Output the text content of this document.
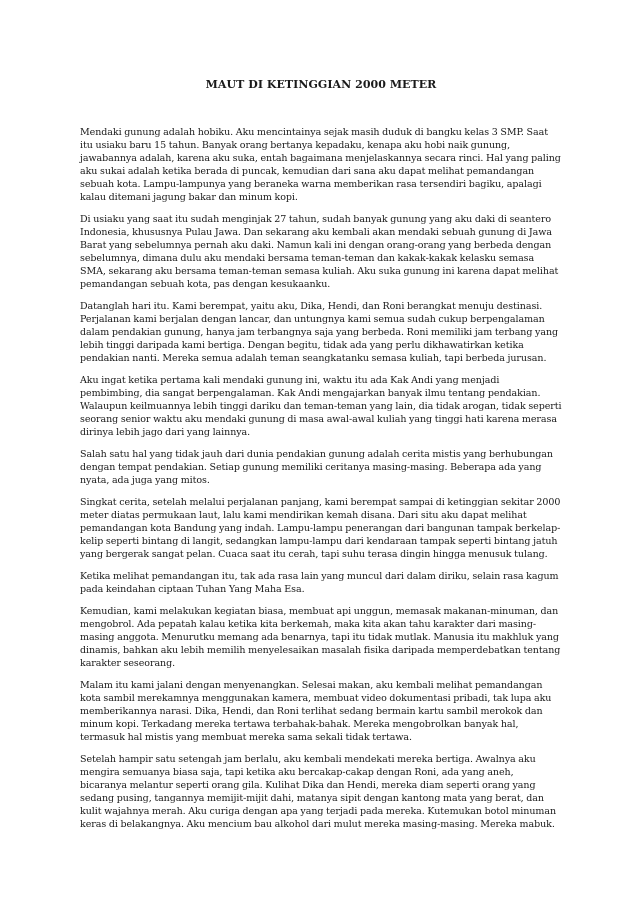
MAUT DI KETINGGIAN 2000 METER

Mendaki gunung adalah hobiku. Aku mencintainya sejak masih duduk di bangku kelas 3 SMP. Saat itu usiaku baru 15 tahun. Banyak orang bertanya kepadaku, kenapa aku hobi naik gunung, jawabannya adalah, karena aku suka, entah bagaimana menjelaskannya secara rinci. Hal yang paling aku sukai adalah ketika berada di puncak, kemudian dari sana aku dapat melihat pemandangan sebuah kota. Lampu-lampunya yang beraneka warna memberikan rasa tersendiri bagiku, apalagi kalau ditemani jagung bakar dan minum kopi.

Di usiaku yang saat itu sudah menginjak 27 tahun, sudah banyak gunung yang aku daki di seantero Indonesia, khususnya Pulau Jawa. Dan sekarang aku kembali akan mendaki sebuah gunung di Jawa Barat yang sebelumnya pernah aku daki. Namun kali ini dengan orang-orang yang berbeda dengan sebelumnya, dimana dulu aku mendaki bersama teman-teman dan kakak-kakak kelasku semasa SMA, sekarang aku bersama teman-teman semasa kuliah. Aku suka gunung ini karena dapat melihat pemandangan sebuah kota, pas dengan kesukaanku.

Datanglah hari itu. Kami berempat, yaitu aku, Dika, Hendi, dan Roni berangkat menuju destinasi. Perjalanan kami berjalan dengan lancar, dan untungnya kami semua sudah cukup berpengalaman dalam pendakian gunung, hanya jam terbangnya saja yang berbeda. Roni memiliki jam terbang yang lebih tinggi daripada kami bertiga. Dengan begitu, tidak ada yang perlu dikhawatirkan ketika pendakian nanti. Mereka semua adalah teman seangkatanku semasa kuliah, tapi berbeda jurusan.

Aku ingat ketika pertama kali mendaki gunung ini, waktu itu ada Kak Andi yang menjadi pembimbing, dia sangat berpengalaman. Kak Andi mengajarkan banyak ilmu tentang pendakian. Walaupun keilmuannya lebih tinggi dariku dan teman-teman yang lain, dia tidak arogan, tidak seperti seorang senior waktu aku mendaki gunung di masa awal-awal kuliah yang tinggi hati karena merasa dirinya lebih jago dari yang lainnya.

Salah satu hal yang tidak jauh dari dunia pendakian gunung adalah cerita mistis yang berhubungan dengan tempat pendakian. Setiap gunung memiliki ceritanya masing-masing. Beberapa ada yang nyata, ada juga yang mitos.

Singkat cerita, setelah melalui perjalanan panjang, kami berempat sampai di ketinggian sekitar 2000 meter diatas permukaan laut, lalu kami mendirikan kemah disana. Dari situ aku dapat melihat pemandangan kota Bandung yang indah. Lampu-lampu penerangan dari bangunan tampak berkelap-kelip seperti bintang di langit, sedangkan lampu-lampu dari kendaraan tampak seperti bintang jatuh yang bergerak sangat pelan. Cuaca saat itu cerah, tapi suhu terasa dingin hingga menusuk tulang.

Ketika melihat pemandangan itu, tak ada rasa lain yang muncul dari dalam diriku, selain rasa kagum pada keindahan ciptaan Tuhan Yang Maha Esa.

Kemudian, kami melakukan kegiatan biasa, membuat api unggun, memasak makanan-minuman, dan mengobrol. Ada pepatah kalau ketika kita berkemah, maka kita akan tahu karakter dari masing-masing anggota. Menurutku memang ada benarnya, tapi itu tidak mutlak. Manusia itu makhluk yang dinamis, bahkan aku lebih memilih menyelesaikan masalah fisika daripada memperdebatkan tentang karakter seseorang.

Malam itu kami jalani dengan menyenangkan. Selesai makan, aku kembali melihat pemandangan kota sambil merekamnya menggunakan kamera, membuat video dokumentasi pribadi, tak lupa aku memberikannya narasi. Dika, Hendi, dan Roni terlihat sedang bermain kartu sambil merokok dan minum kopi. Terkadang mereka tertawa terbahak-bahak. Mereka mengobrolkan banyak hal, termasuk hal mistis yang membuat mereka sama sekali tidak tertawa.

Setelah hampir satu setengah jam berlalu, aku kembali mendekati mereka bertiga. Awalnya aku mengira semuanya biasa saja, tapi ketika aku bercakap-cakap dengan Roni, ada yang aneh, bicaranya melantur seperti orang gila. Kulihat Dika dan Hendi, mereka diam seperti orang yang sedang pusing, tangannya memijit-mijit dahi, matanya sipit dengan kantong mata yang berat, dan kulit wajahnya merah. Aku curiga dengan apa yang terjadi pada mereka. Kutemukan botol minuman keras di belakangnya. Aku mencium bau alkohol dari mulut mereka masing-masing. Mereka mabuk.
